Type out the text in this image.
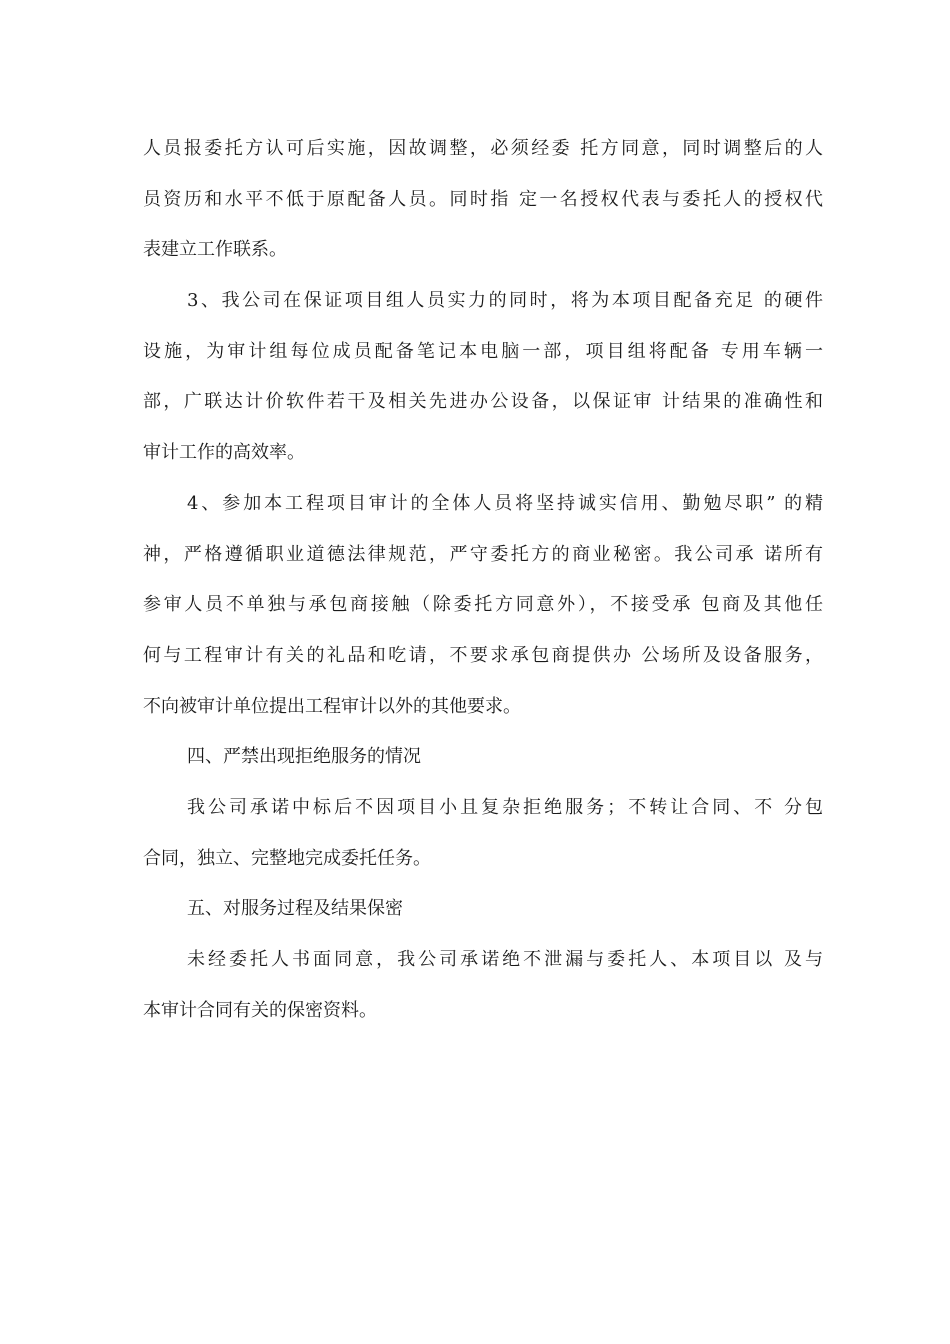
人员报委托方认可后实施，因故调整，必须经委 托方同意，同时调整后的人
员资历和水平不低于原配备人员。同时指 定一名授权代表与委托人的授权代
表建立工作联系。
3、我公司在保证项目组人员实力的同时，将为本项目配备充足 的硬件
设施，为审计组每位成员配备笔记本电脑一部，项目组将配备 专用车辆一
部，广联达计价软件若干及相关先进办公设备，以保证审 计结果的准确性和
审计工作的高效率。
4、参加本工程项目审计的全体人员将坚持诚实信用、勤勉尽职” 的精
神，严格遵循职业道德法律规范，严守委托方的商业秘密。我公司承 诺所有
参审人员不单独与承包商接触（除委托方同意外），不接受承 包商及其他任
何与工程审计有关的礼品和吃请，不要求承包商提供办 公场所及设备服务，
不向被审计单位提出工程审计以外的其他要求。
四、严禁出现拒绝服务的情况
我公司承诺中标后不因项目小且复杂拒绝服务；不转让合同、不 分包
合同，独立、完整地完成委托任务。
五、对服务过程及结果保密
未经委托人书面同意，我公司承诺绝不泄漏与委托人、本项目以 及与
本审计合同有关的保密资料。
